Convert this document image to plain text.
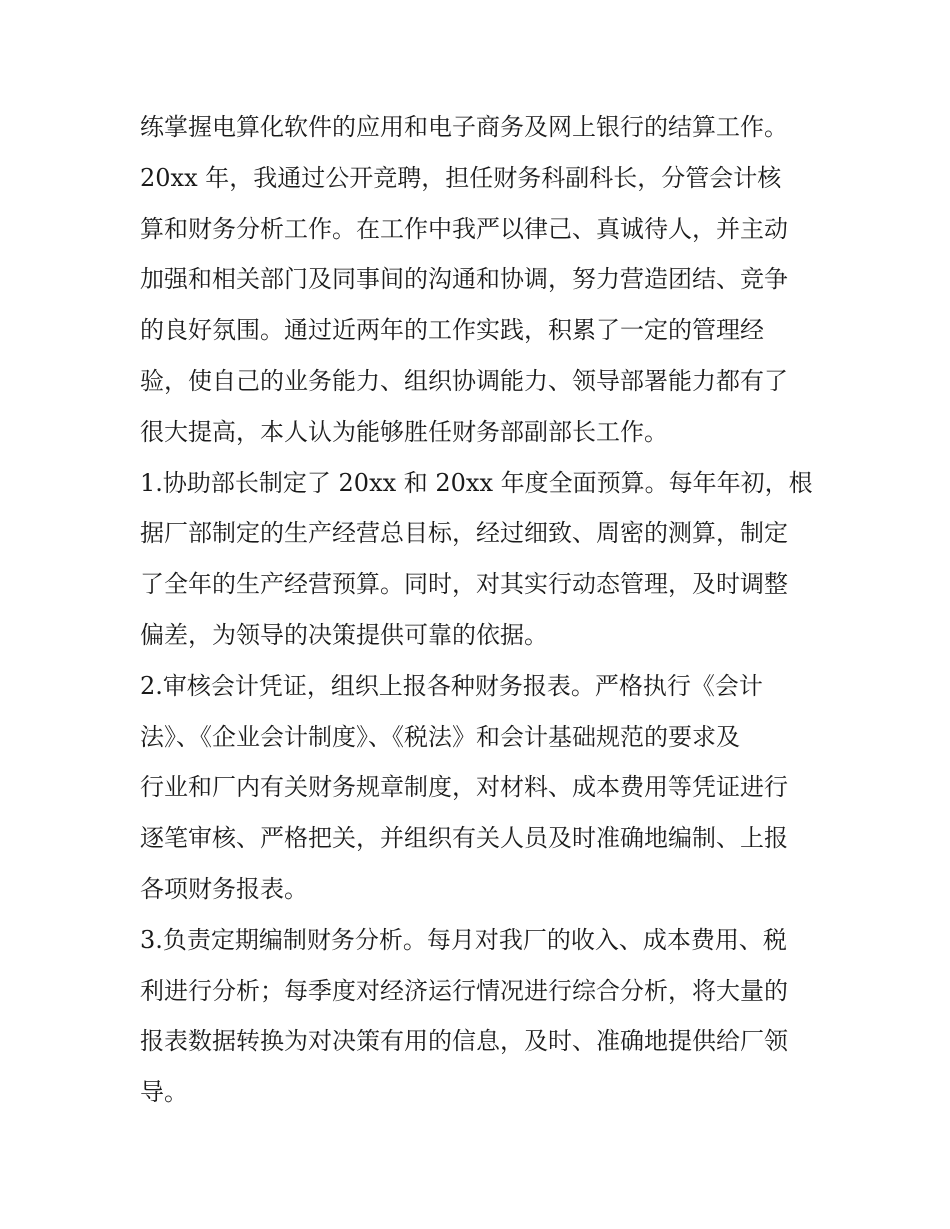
练掌握电算化软件的应用和电子商务及网上银行的结算工作。
20xx 年，我通过公开竞聘，担任财务科副科长，分管会计核
算和财务分析工作。在工作中我严以律己、真诚待人，并主动
加强和相关部门及同事间的沟通和协调，努力营造团结、竞争
的良好氛围。通过近两年的工作实践，积累了一定的管理经
验，使自己的业务能力、组织协调能力、领导部署能力都有了
很大提高，本人认为能够胜任财务部副部长工作。
1.协助部长制定了 20xx 和 20xx 年度全面预算。每年年初，根
据厂部制定的生产经营总目标，经过细致、周密的测算，制定
了全年的生产经营预算。同时，对其实行动态管理，及时调整
偏差，为领导的决策提供可靠的依据。
2.审核会计凭证，组织上报各种财务报表。严格执行《会计
法》、《企业会计制度》、《税法》和会计基础规范的要求及
行业和厂内有关财务规章制度，对材料、成本费用等凭证进行
逐笔审核、严格把关，并组织有关人员及时准确地编制、上报
各项财务报表。
3.负责定期编制财务分析。每月对我厂的收入、成本费用、税
利进行分析；每季度对经济运行情况进行综合分析，将大量的
报表数据转换为对决策有用的信息，及时、准确地提供给厂领
导。
